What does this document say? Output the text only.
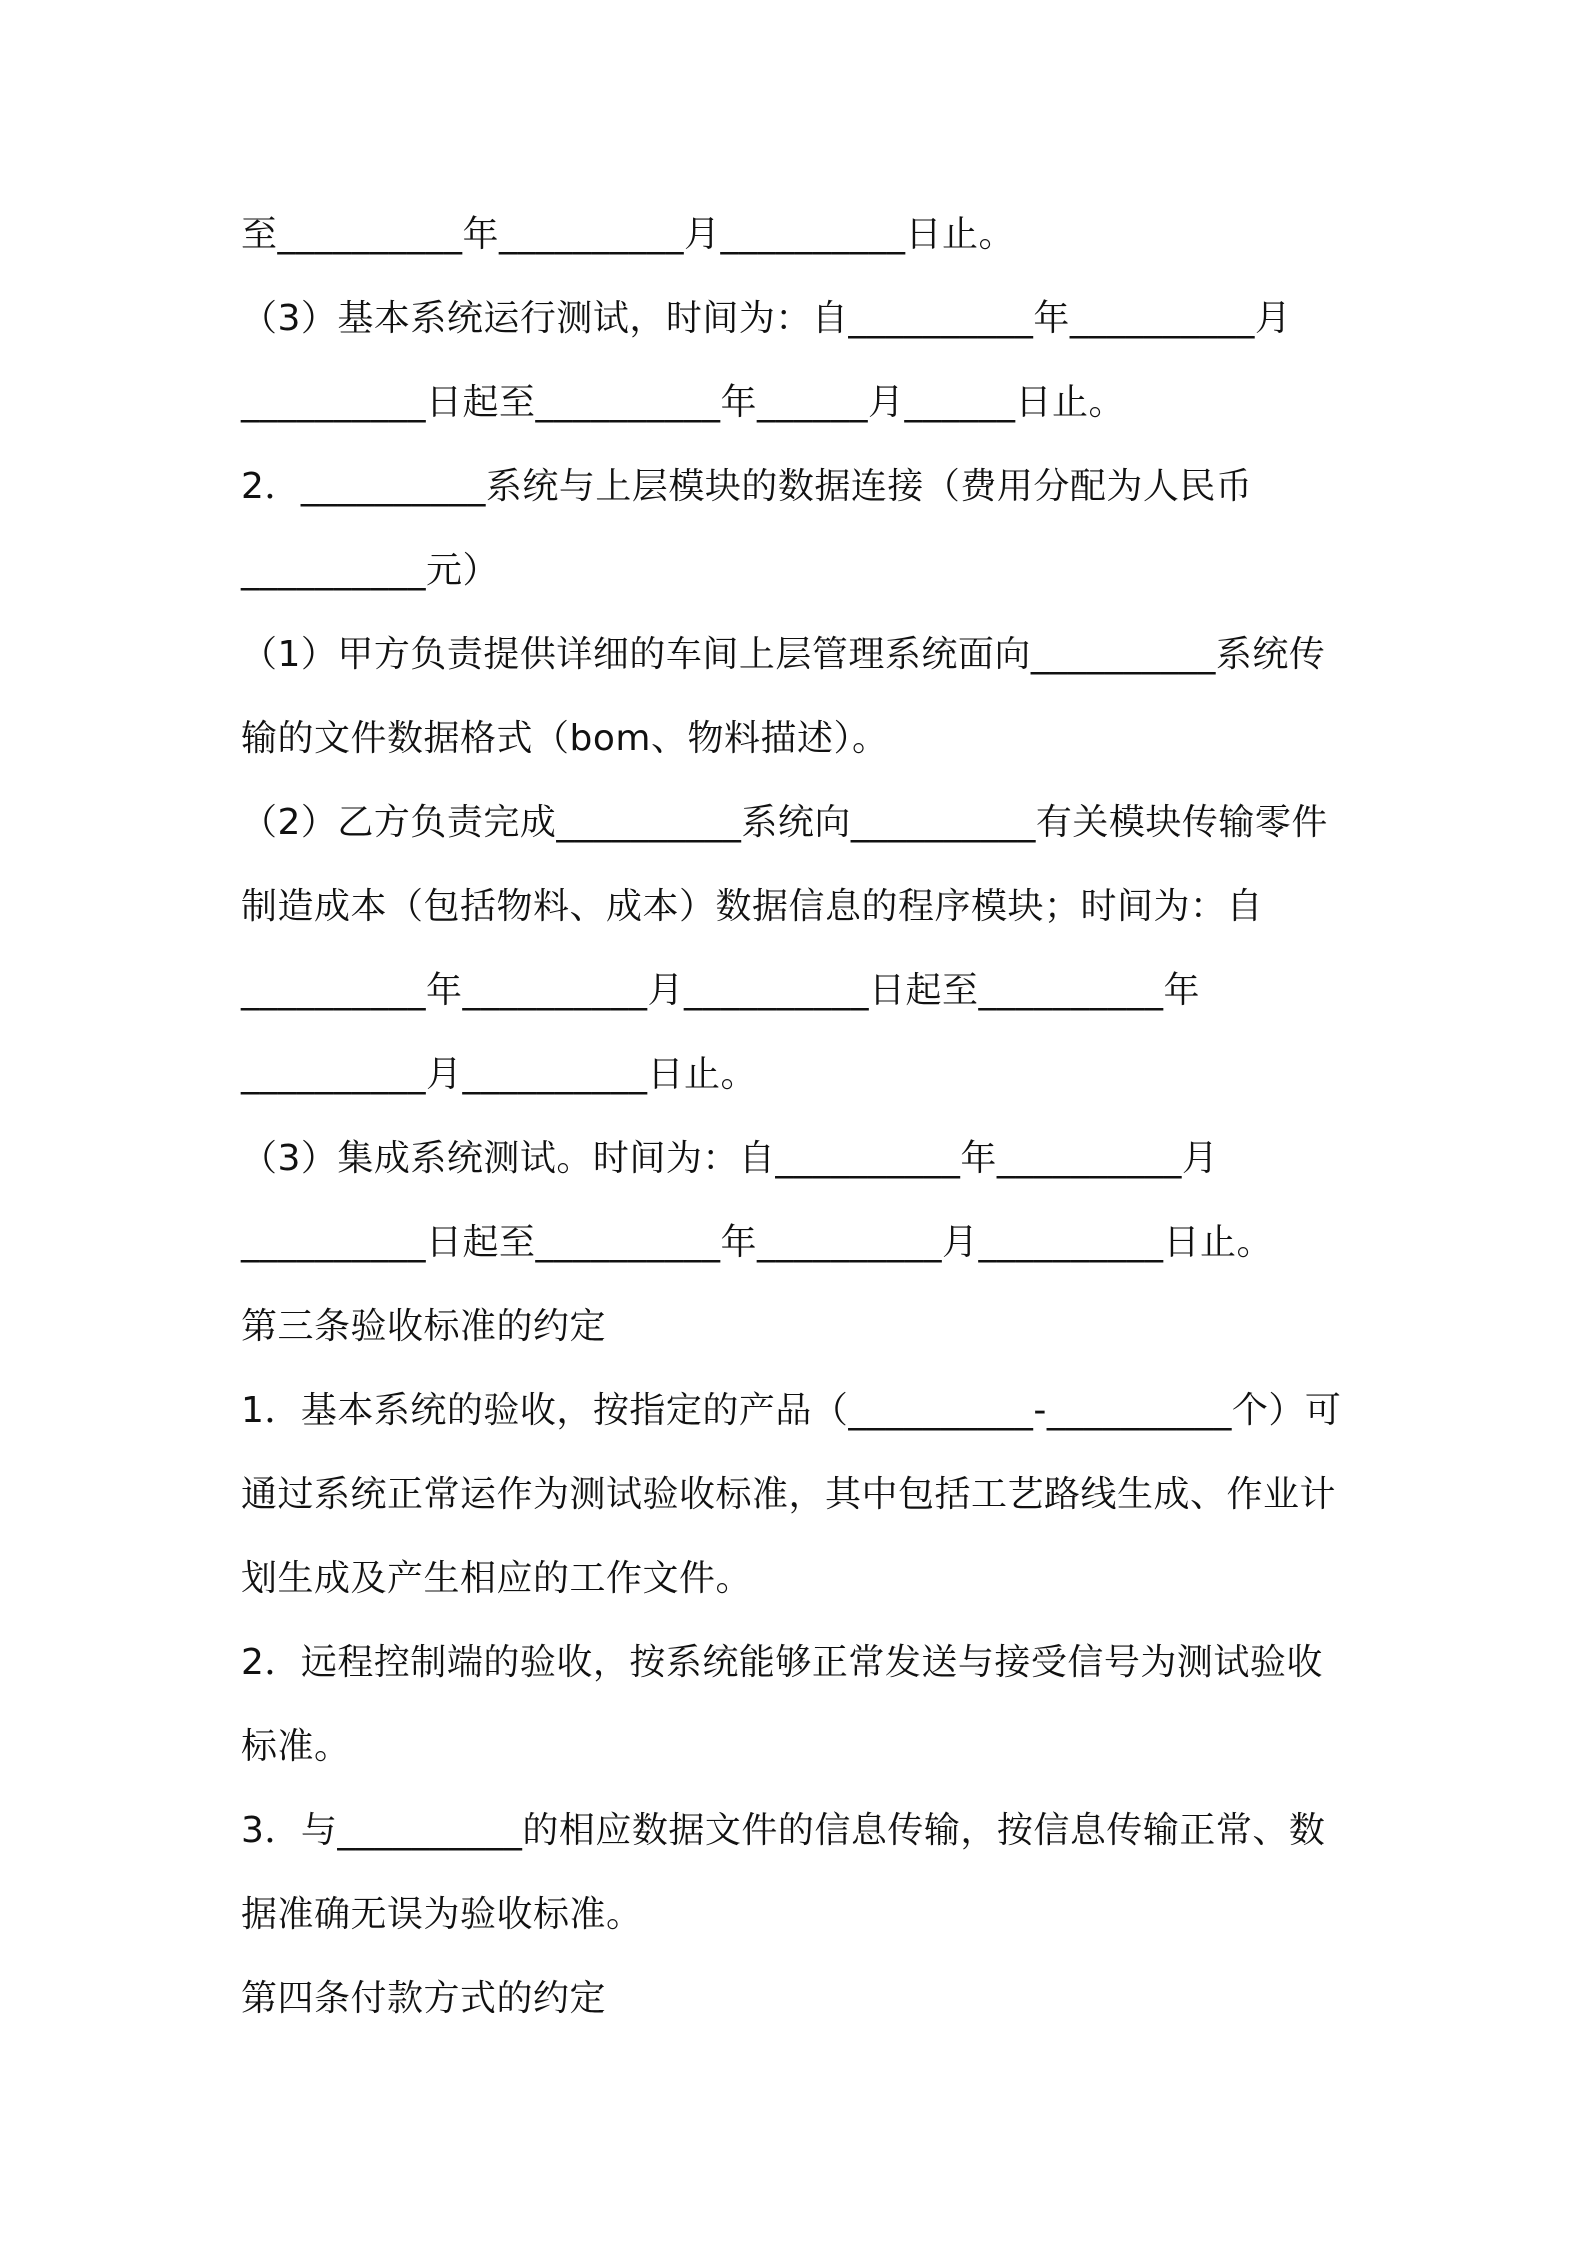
至__________年__________月__________日止。
（3）基本系统运行测试，时间为：自__________年__________月
__________日起至__________年______月______日止。
2．__________系统与上层模块的数据连接（费用分配为人民币
__________元）
（1）甲方负责提供详细的车间上层管理系统面向__________系统传
输的文件数据格式（bom、物料描述）。
（2）乙方负责完成__________系统向__________有关模块传输零件
制造成本（包括物料、成本）数据信息的程序模块；时间为：自
__________年__________月__________日起至__________年
__________月__________日止。
（3）集成系统测试。时间为：自__________年__________月
__________日起至__________年__________月__________日止。
第三条验收标准的约定
1．基本系统的验收，按指定的产品（__________-__________个）可
通过系统正常运作为测试验收标准，其中包括工艺路线生成、作业计
划生成及产生相应的工作文件。
2．远程控制端的验收，按系统能够正常发送与接受信号为测试验收
标准。
3．与__________的相应数据文件的信息传输，按信息传输正常、数
据准确无误为验收标准。
第四条付款方式的约定
